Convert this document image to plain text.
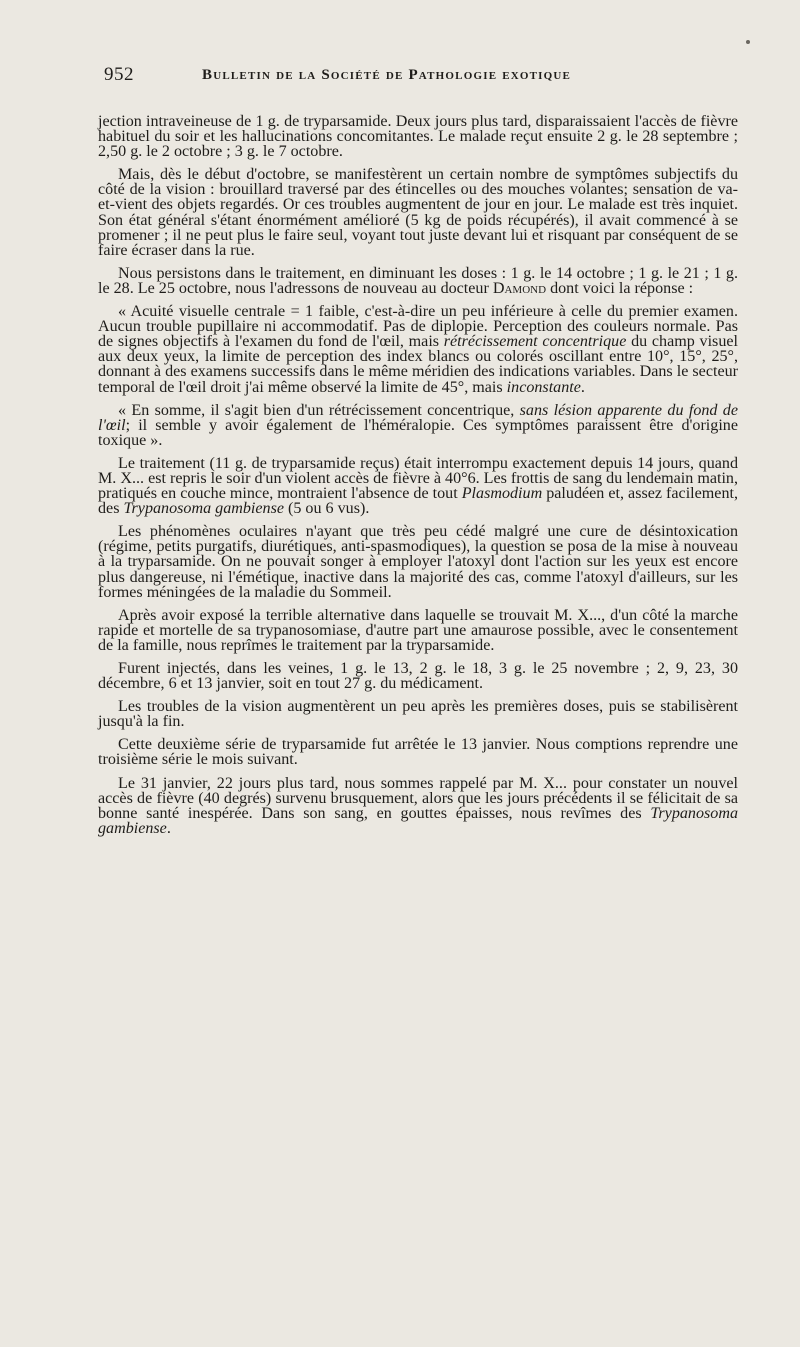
952	Bulletin de la Société de Pathologie exotique

jection intraveineuse de 1 g. de tryparsamide. Deux jours plus tard, disparaissaient l'accès de fièvre habituel du soir et les hallucinations concomitantes. Le malade reçut ensuite 2 g. le 28 septembre ; 2,50 g. le 2 octobre ; 3 g. le 7 octobre.

Mais, dès le début d'octobre, se manifestèrent un certain nombre de symptômes subjectifs du côté de la vision : brouillard traversé par des étincelles ou des mouches volantes; sensation de va-et-vient des objets regardés. Or ces troubles augmentent de jour en jour. Le malade est très inquiet. Son état général s'étant énormément amélioré (5 kg de poids récupérés), il avait commencé à se promener ; il ne peut plus le faire seul, voyant tout juste devant lui et risquant par conséquent de se faire écraser dans la rue.

Nous persistons dans le traitement, en diminuant les doses : 1 g. le 14 octobre ; 1 g. le 21 ; 1 g. le 28. Le 25 octobre, nous l'adressons de nouveau au docteur Damond dont voici la réponse :

« Acuité visuelle centrale = 1 faible, c'est-à-dire un peu inférieure à celle du premier examen. Aucun trouble pupillaire ni accommodatif. Pas de diplopie. Perception des couleurs normale. Pas de signes objectifs à l'examen du fond de l'œil, mais rétrécissement concentrique du champ visuel aux deux yeux, la limite de perception des index blancs ou colorés oscillant entre 10°, 15°, 25°, donnant à des examens successifs dans le même méridien des indications variables. Dans le secteur temporal de l'œil droit j'ai même observé la limite de 45°, mais inconstante.

« En somme, il s'agit bien d'un rétrécissement concentrique, sans lésion apparente du fond de l'œil; il semble y avoir également de l'héméralopie. Ces symptômes paraissent être d'origine toxique ».

Le traitement (11 g. de tryparsamide reçus) était interrompu exactement depuis 14 jours, quand M. X... est repris le soir d'un violent accès de fièvre à 40°6. Les frottis de sang du lendemain matin, pratiqués en couche mince, montraient l'absence de tout Plasmodium paludéen et, assez facilement, des Trypanosoma gambiense (5 ou 6 vus).

Les phénomènes oculaires n'ayant que très peu cédé malgré une cure de désintoxication (régime, petits purgatifs, diurétiques, anti-spasmodiques), la question se posa de la mise à nouveau à la tryparsamide. On ne pouvait songer à employer l'atoxyl dont l'action sur les yeux est encore plus dangereuse, ni l'émétique, inactive dans la majorité des cas, comme l'atoxyl d'ailleurs, sur les formes méningées de la maladie du Sommeil.

Après avoir exposé la terrible alternative dans laquelle se trouvait M. X..., d'un côté la marche rapide et mortelle de sa trypanosomiase, d'autre part une amaurose possible, avec le consentement de la famille, nous reprîmes le traitement par la tryparsamide.

Furent injectés, dans les veines, 1 g. le 13, 2 g. le 18, 3 g. le 25 novembre ; 2, 9, 23, 30 décembre, 6 et 13 janvier, soit en tout 27 g. du médicament.

Les troubles de la vision augmentèrent un peu après les premières doses, puis se stabilisèrent jusqu'à la fin.

Cette deuxième série de tryparsamide fut arrêtée le 13 janvier. Nous comptions reprendre une troisième série le mois suivant.

Le 31 janvier, 22 jours plus tard, nous sommes rappelé par M. X... pour constater un nouvel accès de fièvre (40 degrés) survenu brusquement, alors que les jours précédents il se félicitait de sa bonne santé inespérée. Dans son sang, en gouttes épaisses, nous revîmes des Trypanosoma gambiense.
